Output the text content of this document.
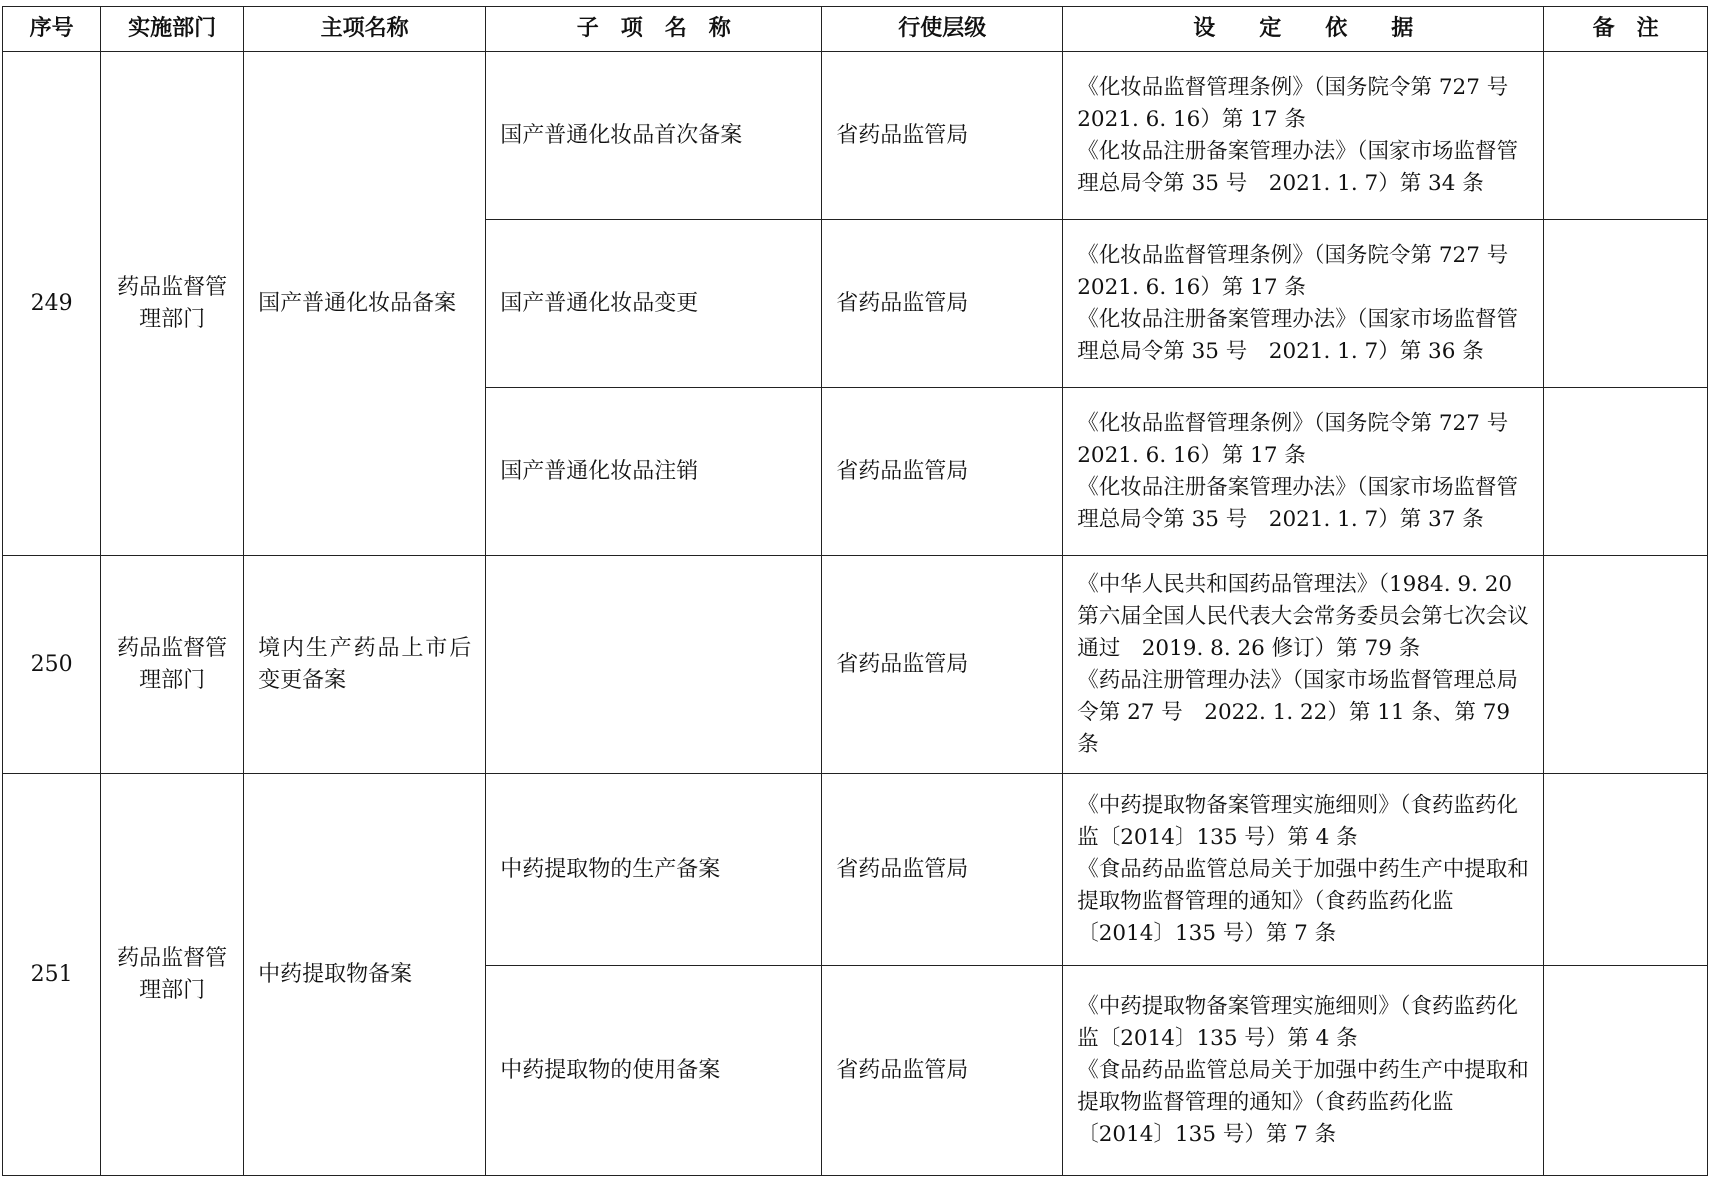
序号	实施部门	主项名称	子　项　名　称	行使层级	设　　定　　依　　据	备　注
249	药品监督管理部门	国产普通化妆品备案	国产普通化妆品首次备案	省药品监管局	《化妆品监督管理条例》（国务院令第 727 号　2021. 6. 16）第 17 条
《化妆品注册备案管理办法》（国家市场监督管理总局令第 35 号　2021. 1. 7）第 34 条	

			国产普通化妆品变更	省药品监管局	《化妆品监督管理条例》（国务院令第 727 号　2021. 6. 16）第 17 条
《化妆品注册备案管理办法》（国家市场监督管理总局令第 35 号　2021. 1. 7）第 36 条	

			国产普通化妆品注销	省药品监管局	《化妆品监督管理条例》（国务院令第 727 号　2021. 6. 16）第 17 条
《化妆品注册备案管理办法》（国家市场监督管理总局令第 35 号　2021. 1. 7）第 37 条	

250	药品监督管理部门	境内生产药品上市后变更备案		省药品监管局	《中华人民共和国药品管理法》（1984. 9. 20 第六届全国人民代表大会常务委员会第七次会议通过　2019. 8. 26 修订）第 79 条
《药品注册管理办法》（国家市场监督管理总局令第 27 号　2022. 1. 22）第 11 条、第 79 条	

251	药品监督管理部门	中药提取物备案	中药提取物的生产备案	省药品监管局	《中药提取物备案管理实施细则》（食药监药化监〔2014〕135 号）第 4 条
《食品药品监管总局关于加强中药生产中提取和提取物监督管理的通知》（食药监药化监〔2014〕135 号）第 7 条	

			中药提取物的使用备案	省药品监管局	《中药提取物备案管理实施细则》（食药监药化监〔2014〕135 号）第 4 条
《食品药品监管总局关于加强中药生产中提取和提取物监督管理的通知》（食药监药化监〔2014〕135 号）第 7 条	
